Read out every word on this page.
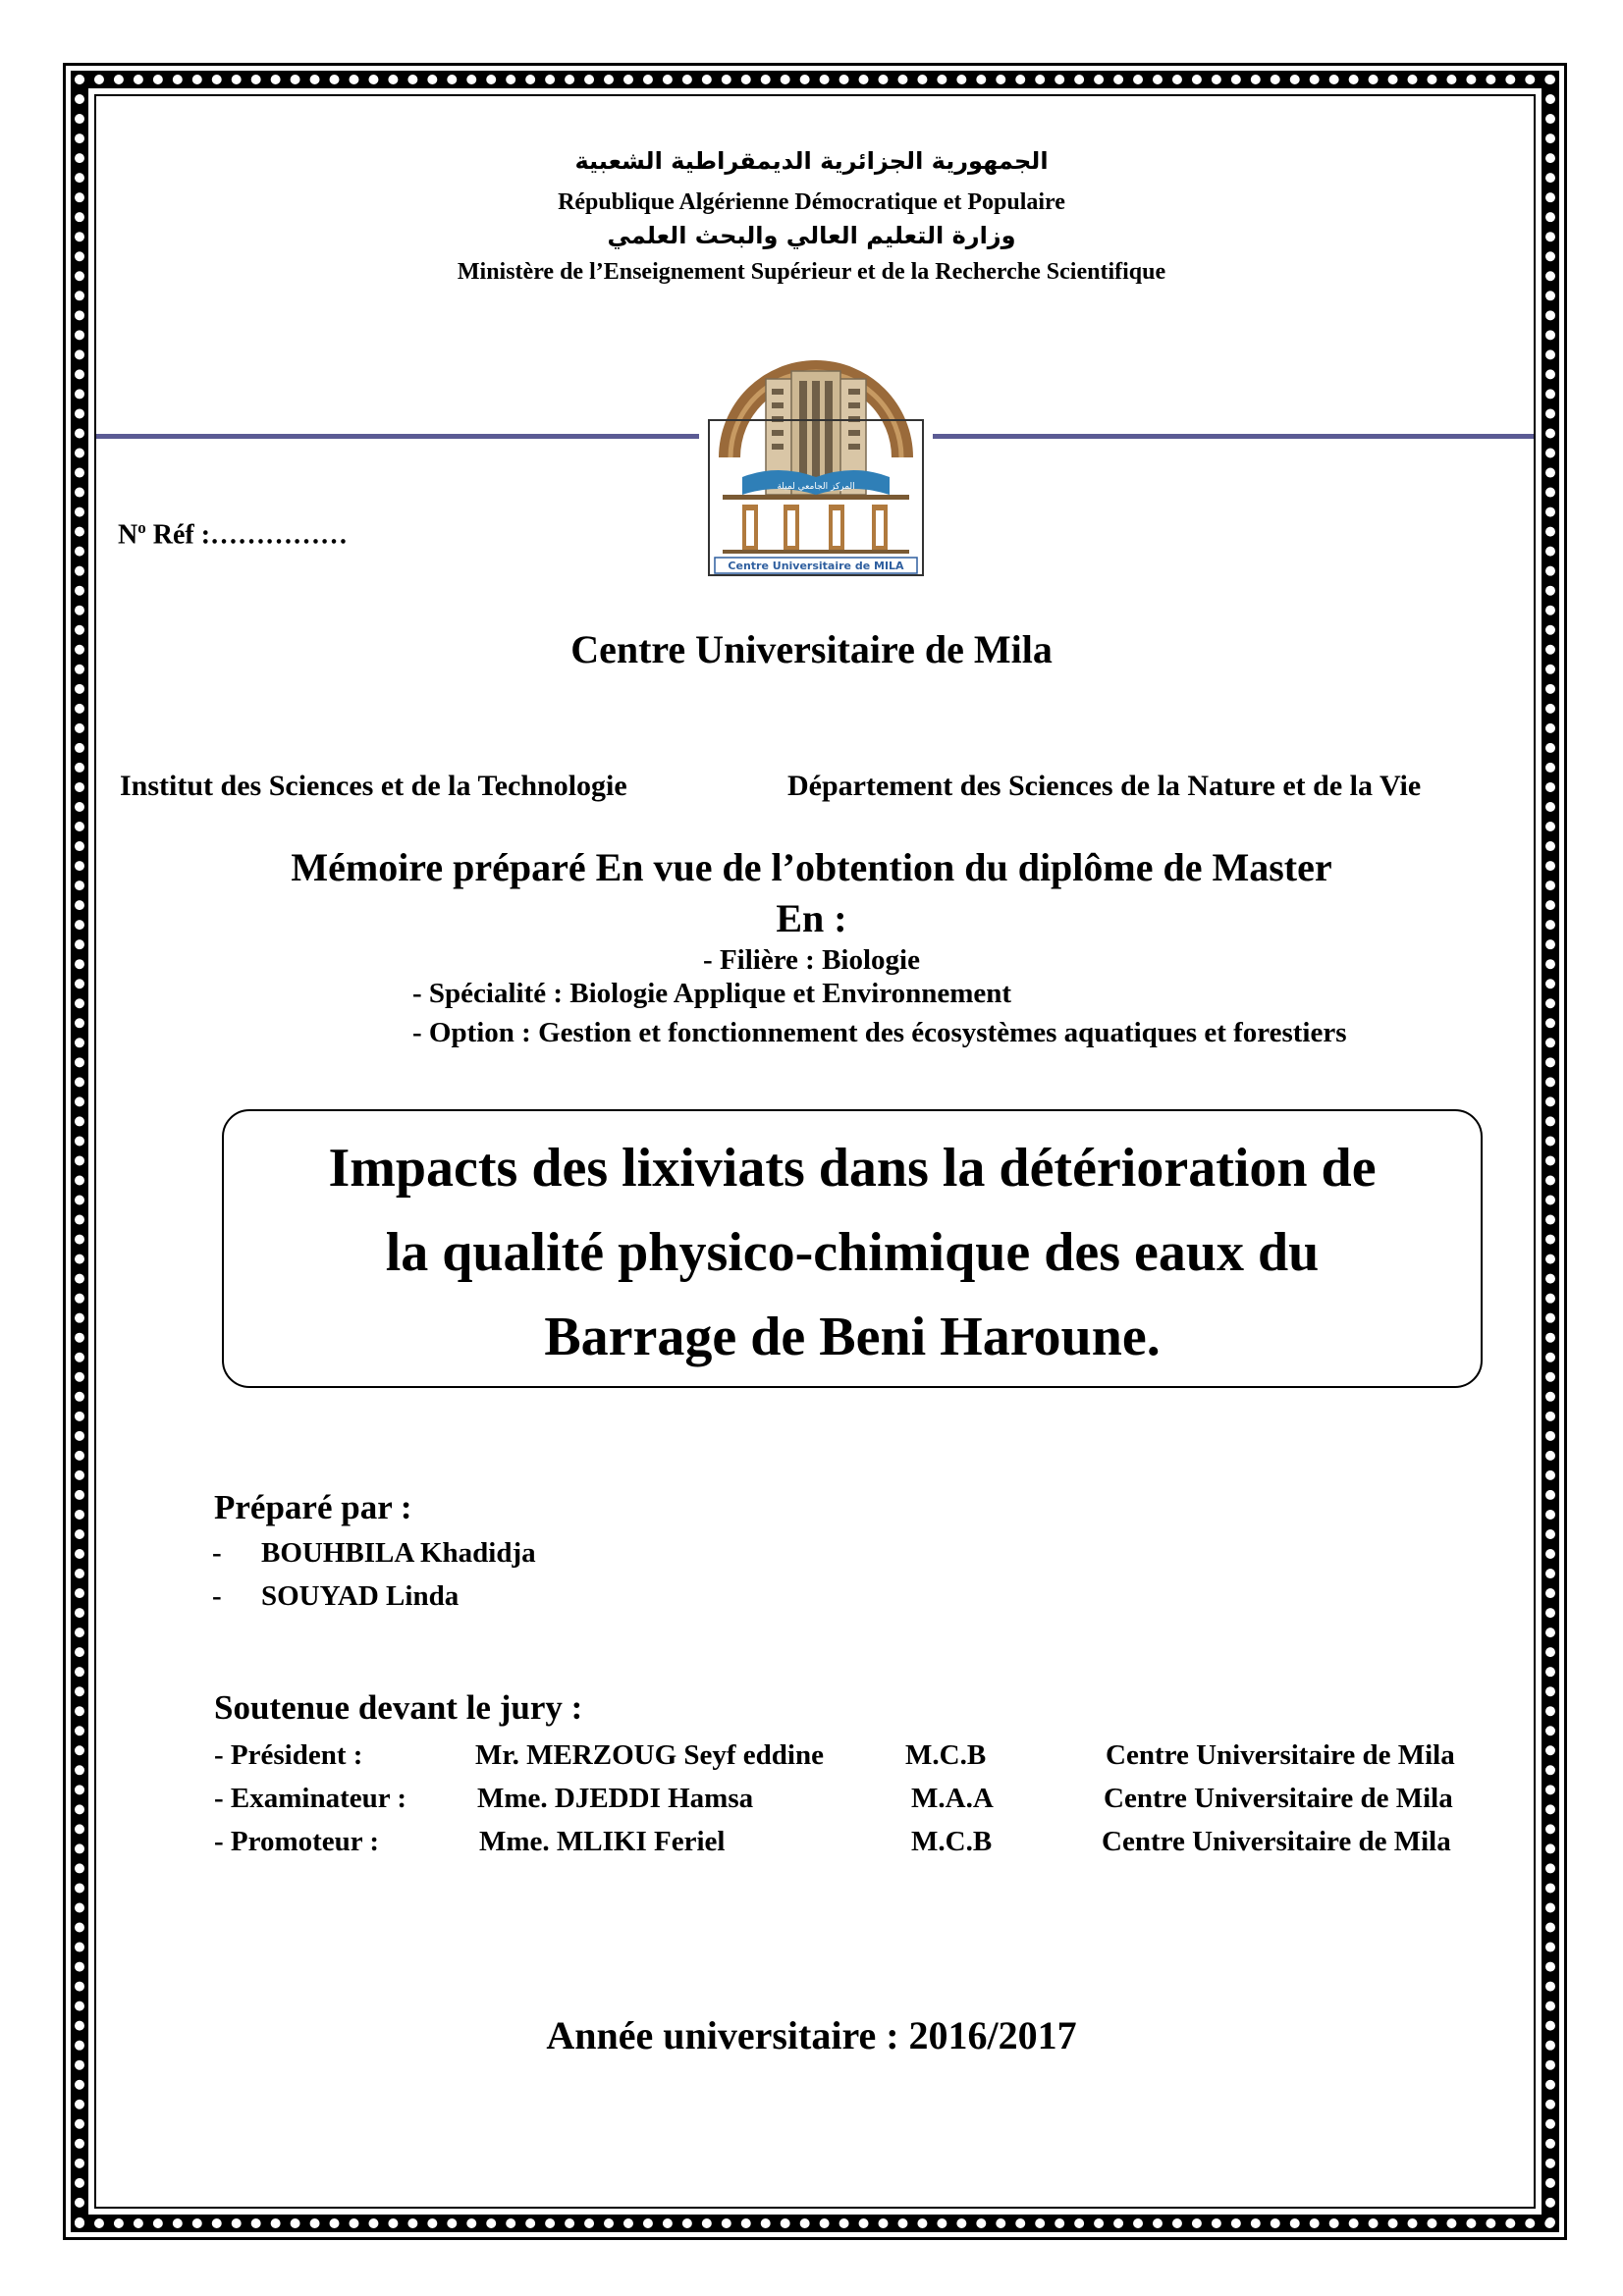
الجمهورية الجزائرية الديمقراطية الشعبية
République Algérienne Démocratique et Populaire
وزارة التعليم العالي والبحث العلمي
Ministère de l’Enseignement Supérieur et de la Recherche Scientifique
المركز الجامعي لميلة
Centre Universitaire de MILA
$N^o$ Réf :……………
Centre Universitaire de Mila
Institut des Sciences et de la Technologie	Département des Sciences de la Nature et de la Vie
Mémoire préparé En vue de l’obtention du diplôme de Master
En :
- Filière : Biologie
- Spécialité : Biologie Applique et Environnement
- Option : Gestion et fonctionnement des écosystèmes aquatiques et forestiers
Impacts des lixiviats dans la détérioration de
la qualité physico-chimique des eaux du
Barrage de Beni Haroune.
Préparé par :
- BOUHBILA Khadidja
- SOUYAD Linda
Soutenue devant le jury :
- Président :	Mr. MERZOUG Seyf eddine	M.C.B	Centre Universitaire de Mila
- Examinateur : Mme. DJEDDI Hamsa	M.A.A	Centre Universitaire de Mila
- Promoteur :	Mme. MLIKI Feriel	M.C.B	Centre Universitaire de Mila
Année universitaire : 2016/2017
